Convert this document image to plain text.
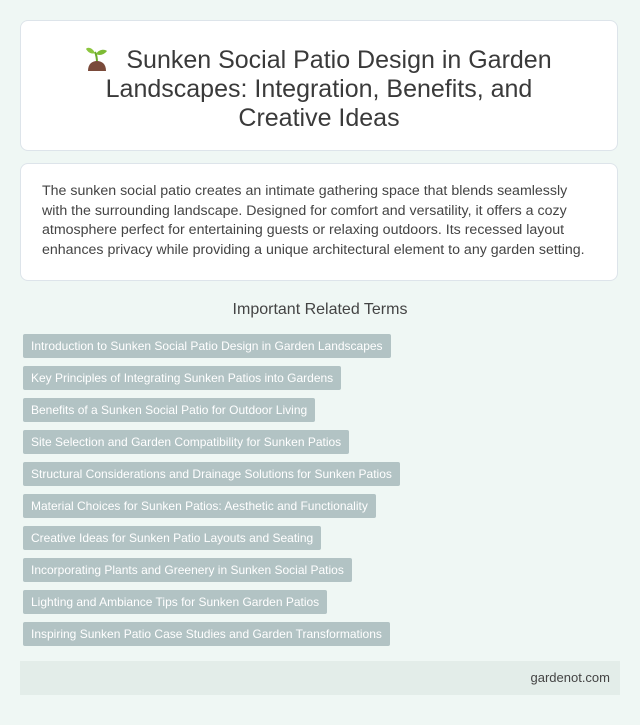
Sunken Social Patio Design in Garden Landscapes: Integration, Benefits, and Creative Ideas

The sunken social patio creates an intimate gathering space that blends seamlessly with the surrounding landscape. Designed for comfort and versatility, it offers a cozy atmosphere perfect for entertaining guests or relaxing outdoors. Its recessed layout enhances privacy while providing a unique architectural element to any garden setting.

Important Related Terms
Introduction to Sunken Social Patio Design in Garden Landscapes
Key Principles of Integrating Sunken Patios into Gardens
Benefits of a Sunken Social Patio for Outdoor Living
Site Selection and Garden Compatibility for Sunken Patios
Structural Considerations and Drainage Solutions for Sunken Patios
Material Choices for Sunken Patios: Aesthetic and Functionality
Creative Ideas for Sunken Patio Layouts and Seating
Incorporating Plants and Greenery in Sunken Social Patios
Lighting and Ambiance Tips for Sunken Garden Patios
Inspiring Sunken Patio Case Studies and Garden Transformations
gardenot.com
